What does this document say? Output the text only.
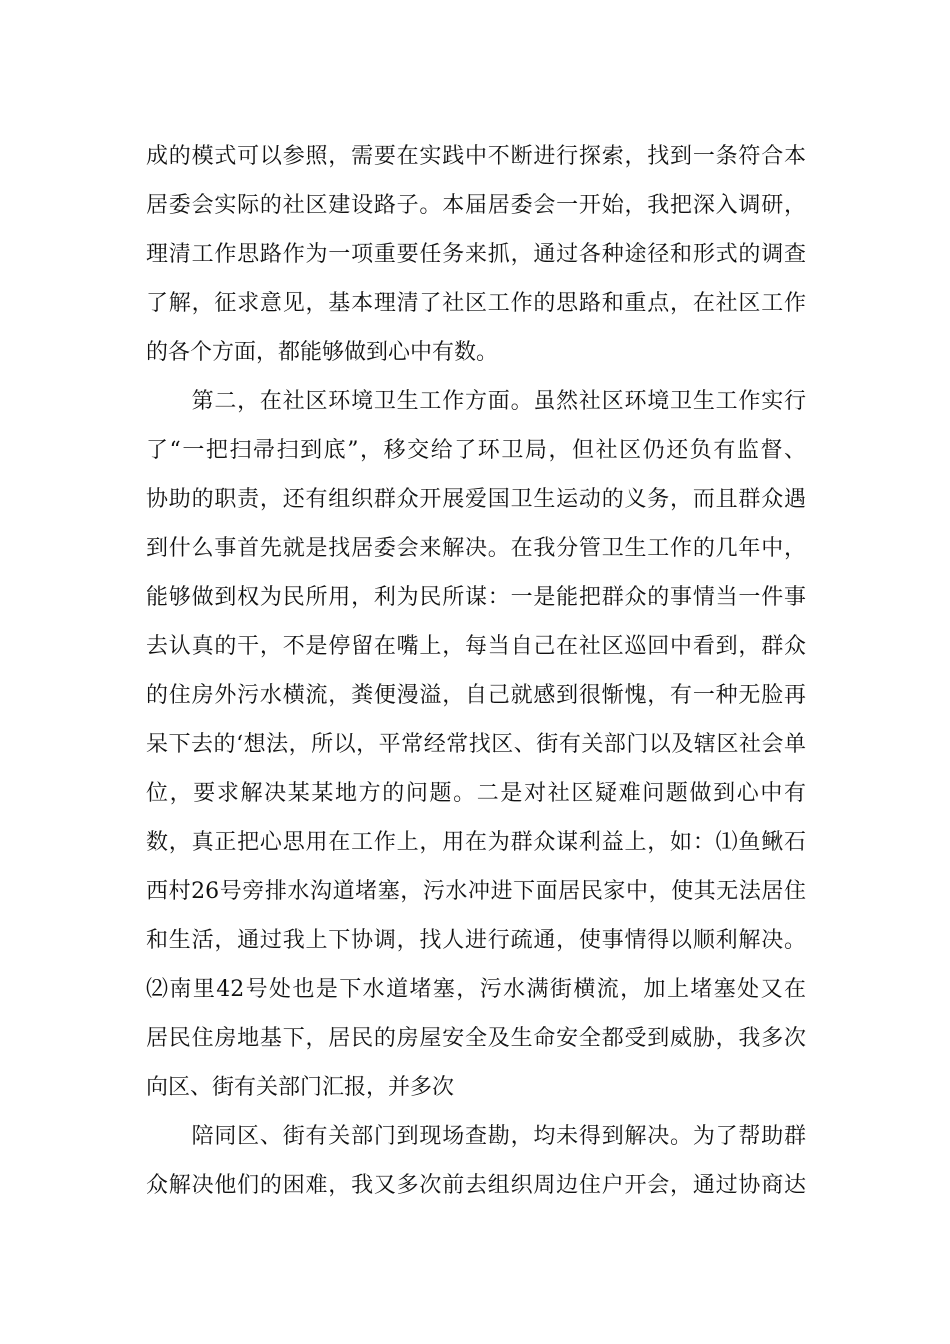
成的模式可以参照，需要在实践中不断进行探索，找到一条符合本
居委会实际的社区建设路子。本届居委会一开始，我把深入调研，
理清工作思路作为一项重要任务来抓，通过各种途径和形式的调查
了解，征求意见，基本理清了社区工作的思路和重点，在社区工作
的各个方面，都能够做到心中有数。
　　第二，在社区环境卫生工作方面。虽然社区环境卫生工作实行
了“一把扫帚扫到底”，移交给了环卫局，但社区仍还负有监督、
协助的职责，还有组织群众开展爱国卫生运动的义务，而且群众遇
到什么事首先就是找居委会来解决。在我分管卫生工作的几年中，
能够做到权为民所用，利为民所谋：一是能把群众的事情当一件事
去认真的干，不是停留在嘴上，每当自己在社区巡回中看到，群众
的住房外污水横流，粪便漫溢，自己就感到很惭愧，有一种无脸再
呆下去的‘想法，所以，平常经常找区、街有关部门以及辖区社会单
位，要求解决某某地方的问题。二是对社区疑难问题做到心中有
数，真正把心思用在工作上，用在为群众谋利益上，如：⑴鱼鳅石
西村26号旁排水沟道堵塞，污水冲进下面居民家中，使其无法居住
和生活，通过我上下协调，找人进行疏通，使事情得以顺利解决。
⑵南里42号处也是下水道堵塞，污水满街横流，加上堵塞处又在
居民住房地基下，居民的房屋安全及生命安全都受到威胁，我多次
向区、街有关部门汇报，并多次
　　陪同区、街有关部门到现场查勘，均未得到解决。为了帮助群
众解决他们的困难，我又多次前去组织周边住户开会，通过协商达
